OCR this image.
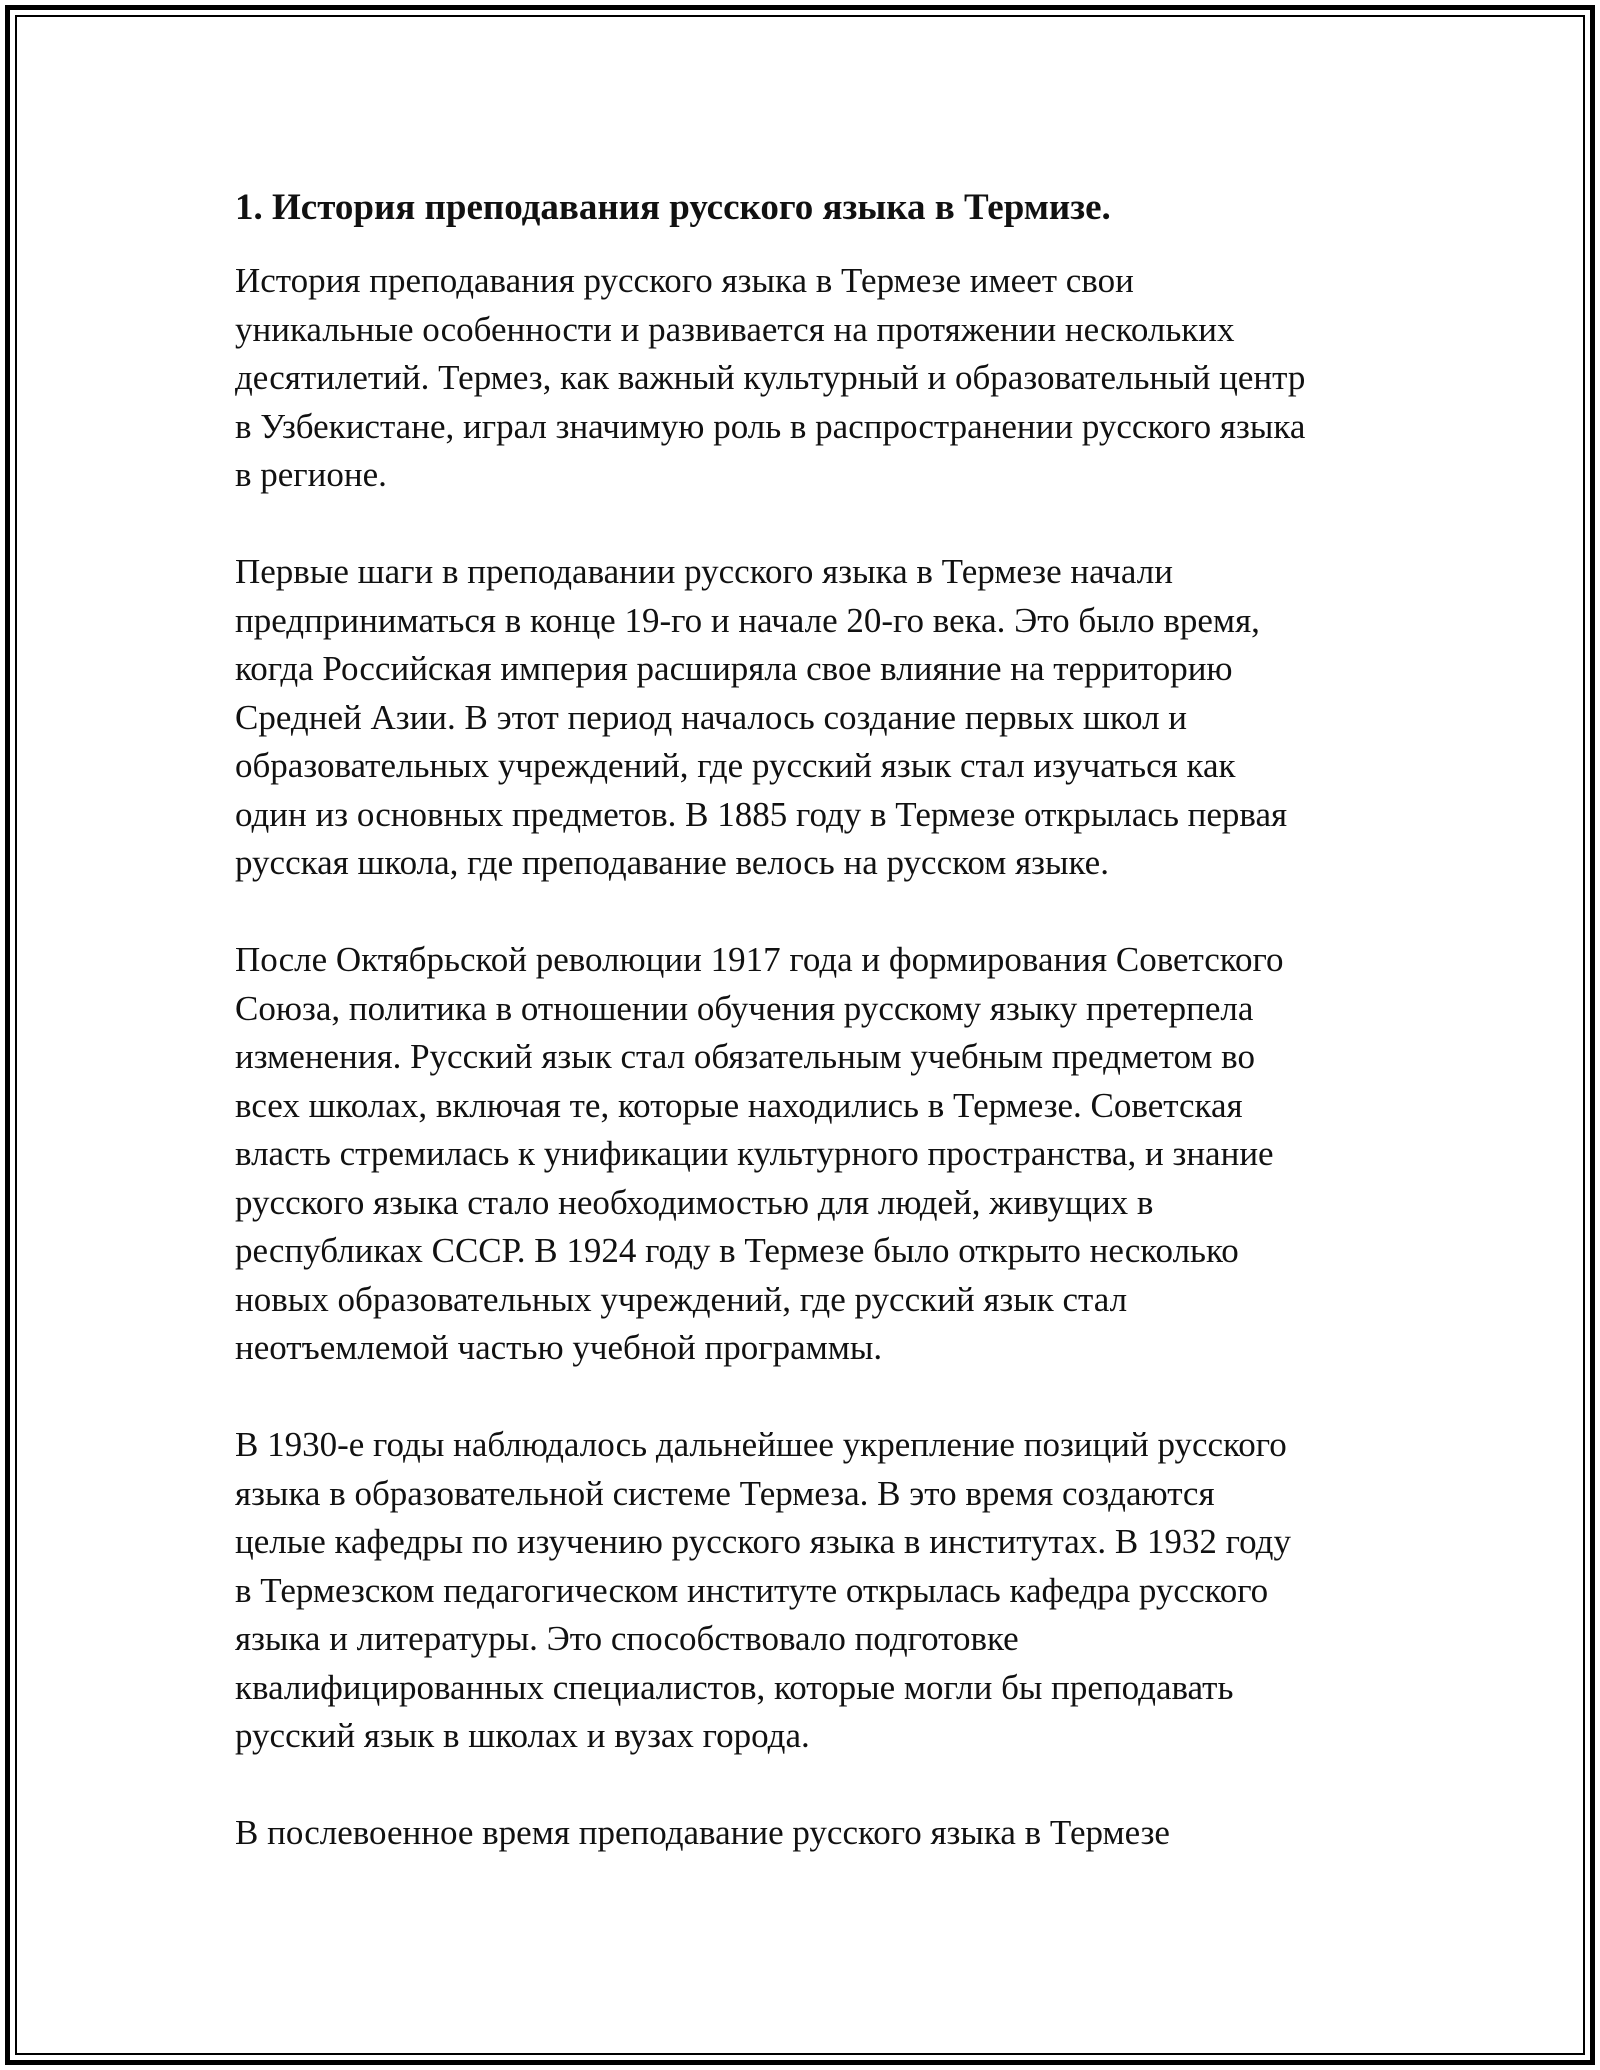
1. История преподавания русского языка в Термизе.
История преподавания русского языка в Термезе имеет свои
уникальные особенности и развивается на протяжении нескольких
десятилетий. Термез, как важный культурный и образовательный центр
в Узбекистане, играл значимую роль в распространении русского языка
в регионе.
Первые шаги в преподавании русского языка в Термезе начали
предприниматься в конце 19-го и начале 20-го века. Это было время,
когда Российская империя расширяла свое влияние на территорию
Средней Азии. В этот период началось создание первых школ и
образовательных учреждений, где русский язык стал изучаться как
один из основных предметов. В 1885 году в Термезе открылась первая
русская школа, где преподавание велось на русском языке.
После Октябрьской революции 1917 года и формирования Советского
Союза, политика в отношении обучения русскому языку претерпела
изменения. Русский язык стал обязательным учебным предметом во
всех школах, включая те, которые находились в Термезе. Советская
власть стремилась к унификации культурного пространства, и знание
русского языка стало необходимостью для людей, живущих в
республиках СССР. В 1924 году в Термезе было открыто несколько
новых образовательных учреждений, где русский язык стал
неотъемлемой частью учебной программы.
В 1930-е годы наблюдалось дальнейшее укрепление позиций русского
языка в образовательной системе Термеза. В это время создаются
целые кафедры по изучению русского языка в институтах. В 1932 году
в Термезском педагогическом институте открылась кафедра русского
языка и литературы. Это способствовало подготовке
квалифицированных специалистов, которые могли бы преподавать
русский язык в школах и вузах города.
В послевоенное время преподавание русского языка в Термезе
